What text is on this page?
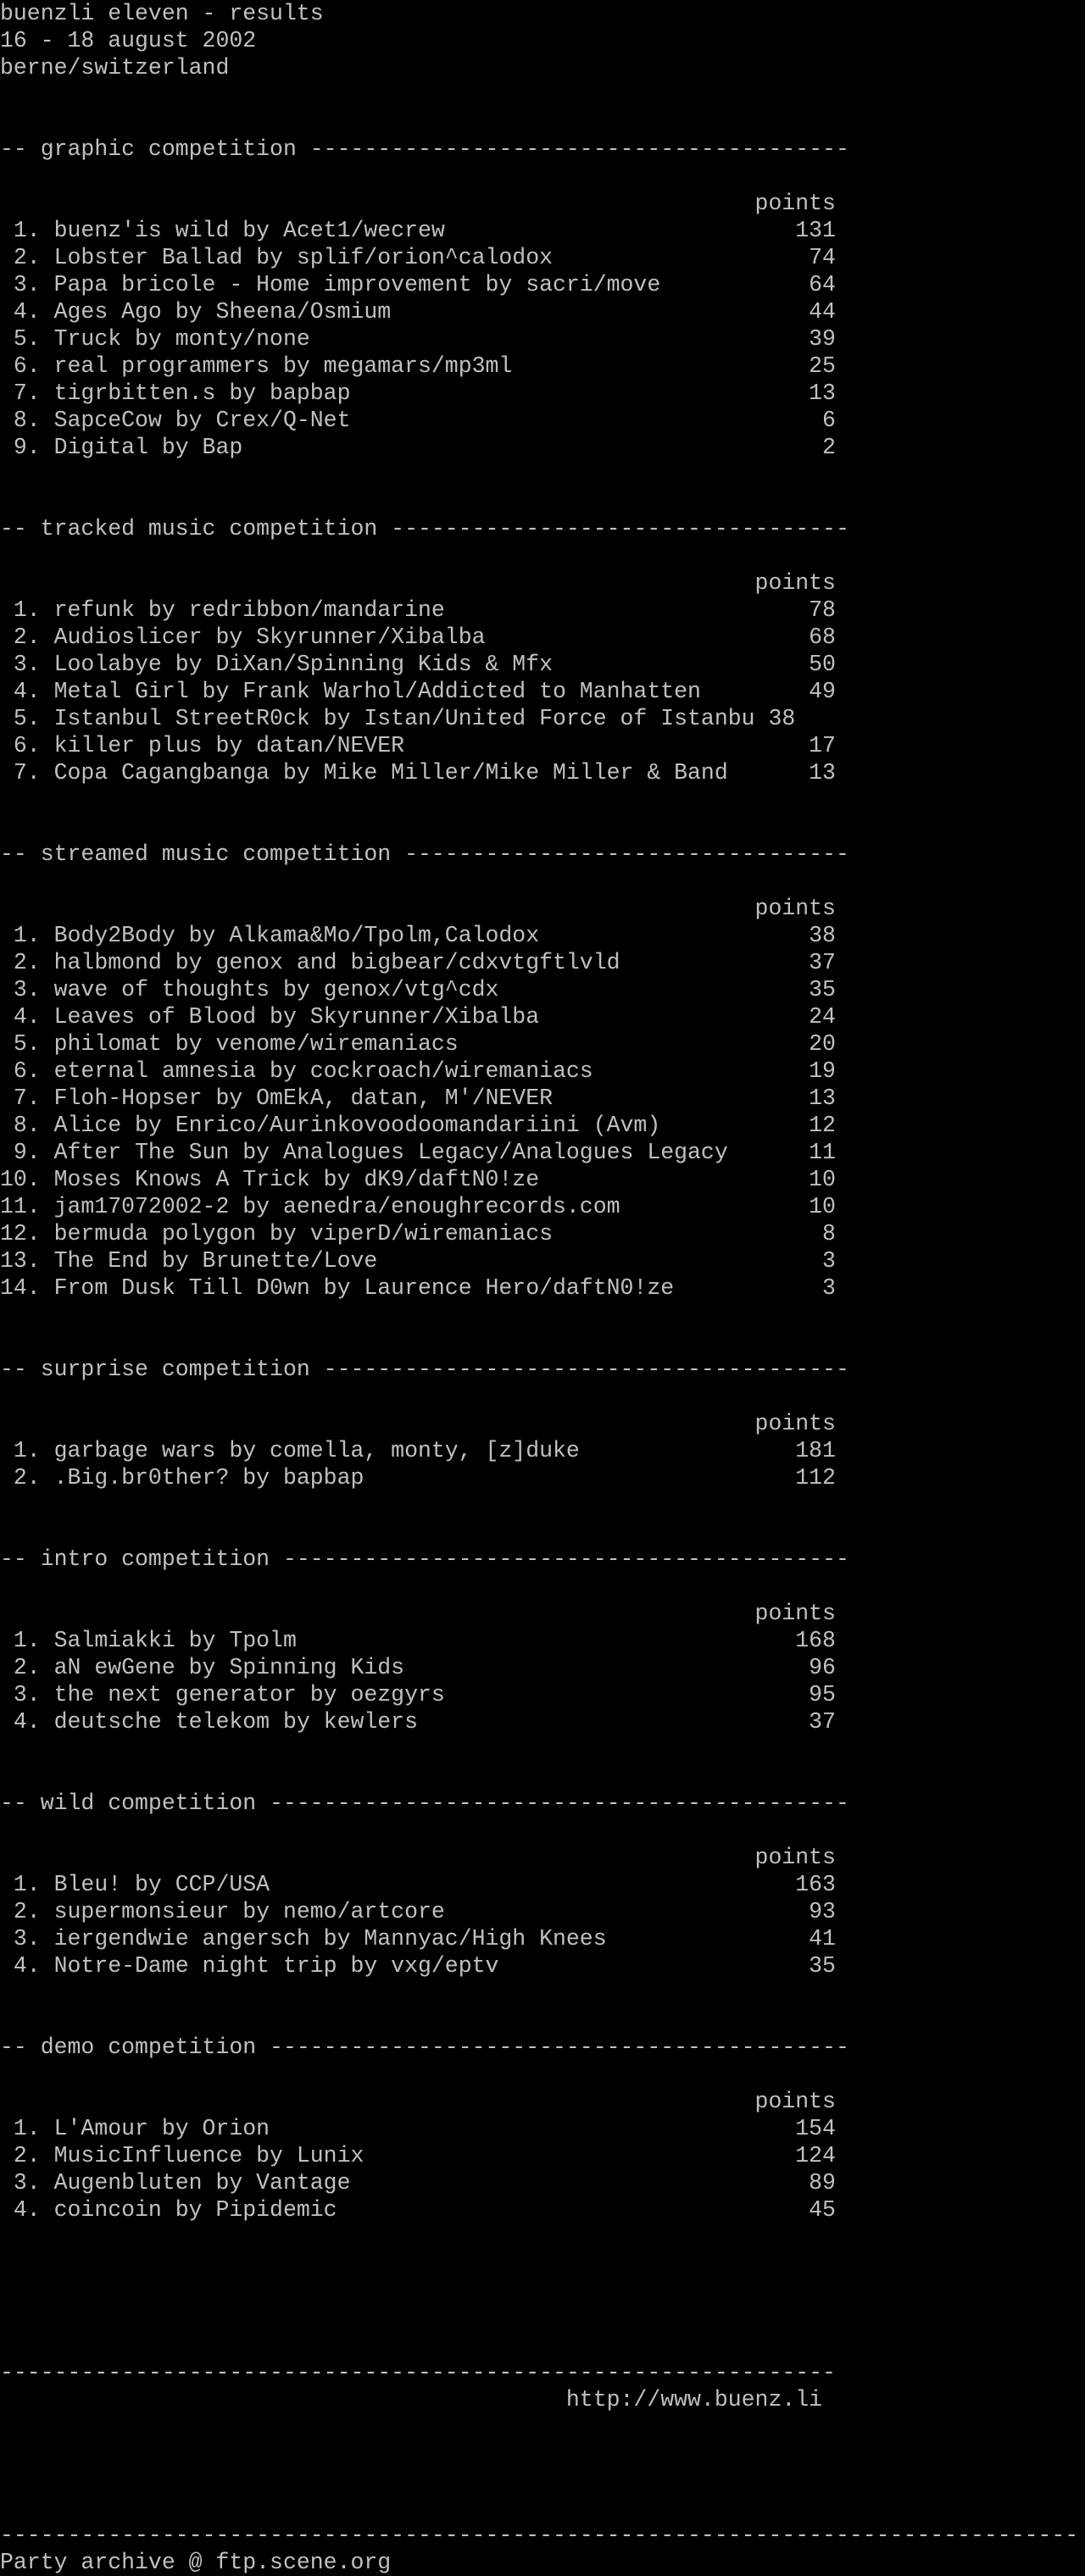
buenzli eleven - results
16 - 18 august 2002
berne/switzerland
-- graphic competition ----------------------------------------
points
1. buenz'is wild by Acet1/wecrew                          131
2. Lobster Ballad by splif/orion^calodox                   74
3. Papa bricole - Home improvement by sacri/move           64
4. Ages Ago by Sheena/Osmium                               44
5. Truck by monty/none                                     39
6. real programmers by megamars/mp3ml                      25
7. tigrbitten.s by bapbap                                  13
8. SapceCow by Crex/Q-Net                                   6
9. Digital by Bap                                           2
-- tracked music competition ----------------------------------
points
1. refunk by redribbon/mandarine                           78
2. Audioslicer by Skyrunner/Xibalba                        68
3. Loolabye by DiXan/Spinning Kids & Mfx                   50
4. Metal Girl by Frank Warhol/Addicted to Manhatten        49
5. Istanbul StreetR0ck by Istan/United Force of Istanbu 38
6. killer plus by datan/NEVER                              17
7. Copa Cagangbanga by Mike Miller/Mike Miller & Band      13
-- streamed music competition ---------------------------------
points
1. Body2Body by Alkama&Mo/Tpolm,Calodox                    38
2. halbmond by genox and bigbear/cdxvtgftlvld              37
3. wave of thoughts by genox/vtg^cdx                       35
4. Leaves of Blood by Skyrunner/Xibalba                    24
5. philomat by venome/wiremaniacs                          20
6. eternal amnesia by cockroach/wiremaniacs                19
7. Floh-Hopser by OmEkA, datan, M'/NEVER                   13
8. Alice by Enrico/Aurinkovoodoomandariini (Avm)           12
9. After The Sun by Analogues Legacy/Analogues Legacy      11
10. Moses Knows A Trick by dK9/daftN0!ze                    10
11. jam17072002-2 by aenedra/enoughrecords.com              10
12. bermuda polygon by viperD/wiremaniacs                    8
13. The End by Brunette/Love                                 3
14. From Dusk Till D0wn by Laurence Hero/daftN0!ze           3
-- surprise competition ---------------------------------------
points
1. garbage wars by comella, monty, [z]duke                181
2. .Big.br0ther? by bapbap                                112
-- intro competition ------------------------------------------
points
1. Salmiakki by Tpolm                                     168
2. aN ewGene by Spinning Kids                              96
3. the next generator by oezgyrs                           95
4. deutsche telekom by kewlers                             37
-- wild competition -------------------------------------------
points
1. Bleu! by CCP/USA                                       163
2. supermonsieur by nemo/artcore                           93
3. iergendwie angersch by Mannyac/High Knees               41
4. Notre-Dame night trip by vxg/eptv                       35
-- demo competition -------------------------------------------
points
1. L'Amour by Orion                                       154
2. MusicInfluence by Lunix                                124
3. Augenbluten by Vantage                                  89
4. coincoin by Pipidemic                                   45
--------------------------------------------------------------
http://www.buenz.li
--------------------------------------------------------------------------------
Party archive @ ftp.scene.org
